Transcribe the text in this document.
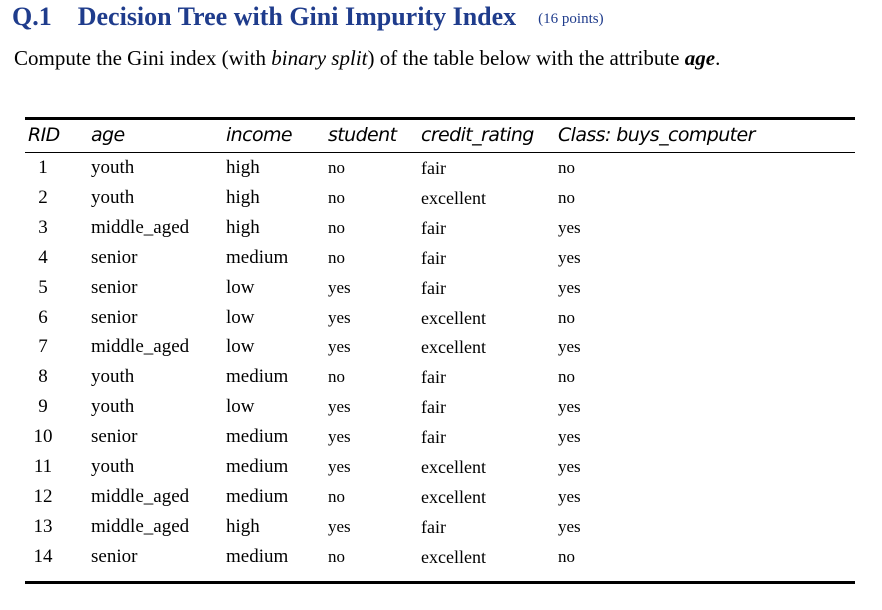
Q.1 Decision Tree with Gini Impurity Index (16 points)
Compute the Gini index (with binary split) of the table below with the attribute age.
RID age	income student credit_rating Class: buys_computer
1	youth	high	no	fair	no
2	youth	high	no	excellent	no
3	middle_aged high	no	fair	yes
4	senior	medium no	fair	yes
5	senior	low	yes	fair	yes
6	senior	low	yes	excellent	no
7	middle_aged low	yes	excellent	yes
8	youth	medium no	fair	no
9	youth	low	yes	fair	yes
10 senior	medium yes	fair	yes
11	youth	medium yes	excellent	yes
12 middle_aged medium no	excellent	yes
13 middle_aged high	yes	fair	yes
14 senior	medium no	excellent	no
